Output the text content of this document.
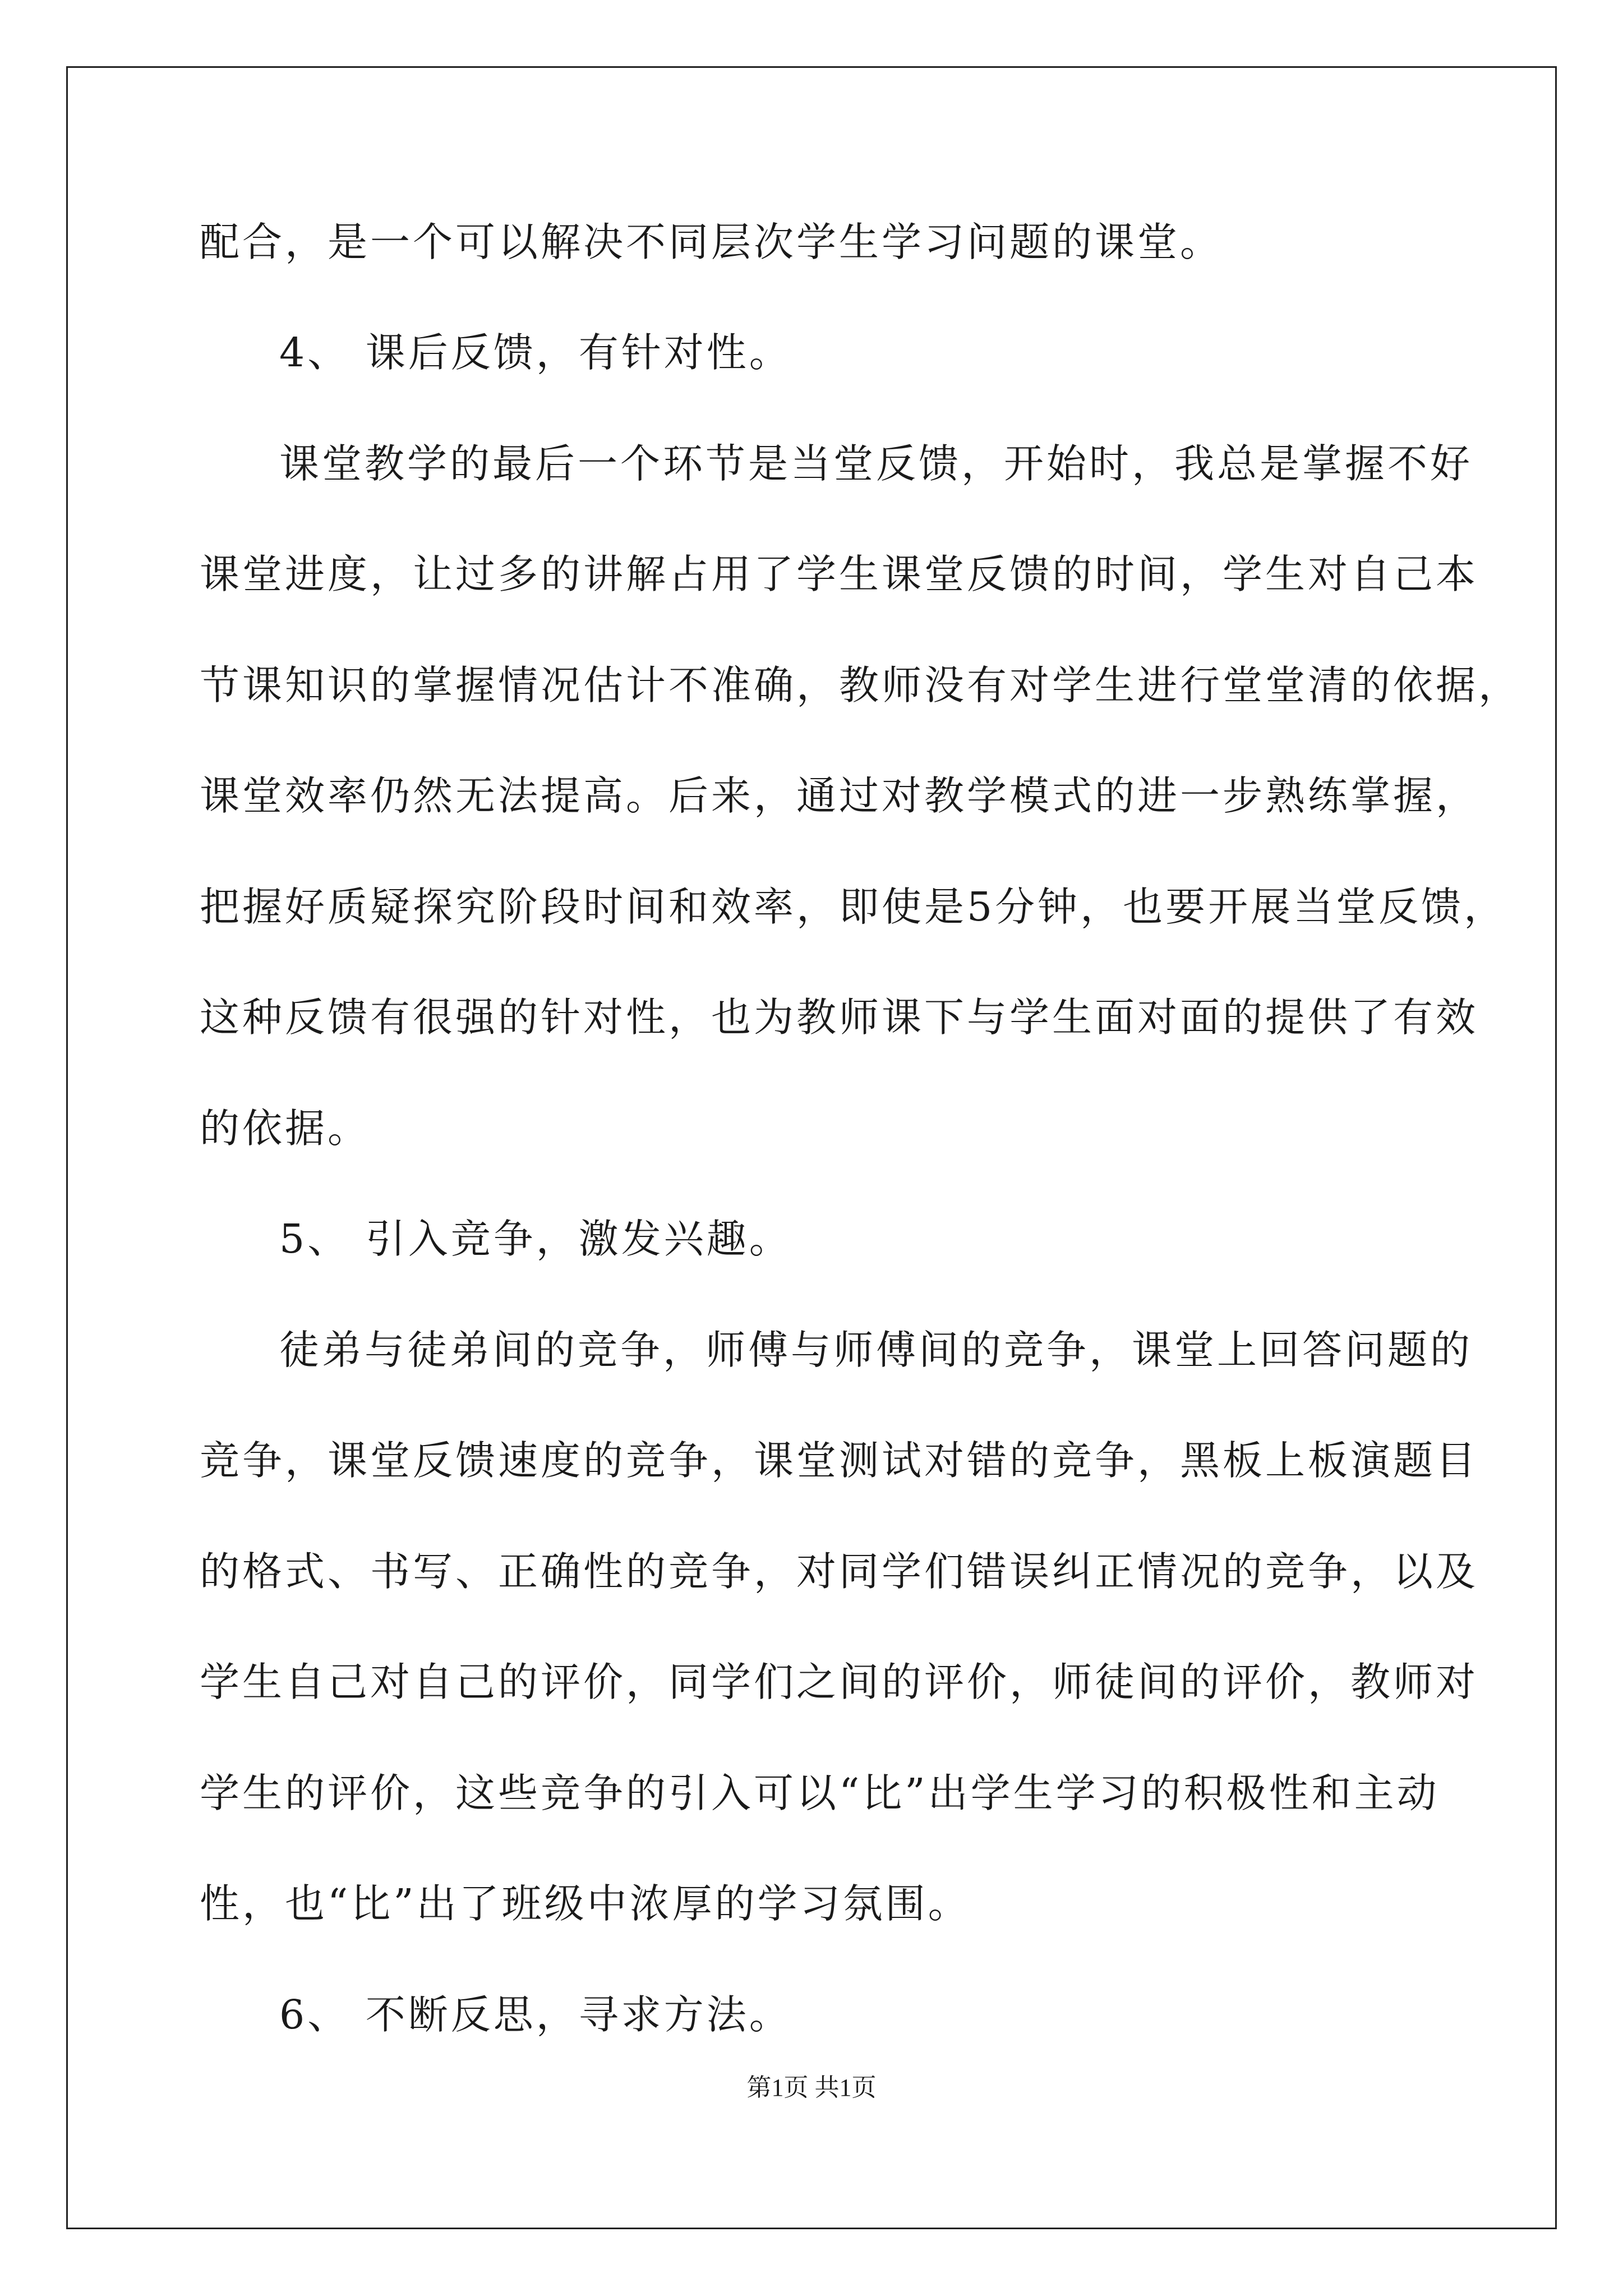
配合，是一个可以解决不同层次学生学习问题的课堂。
4、 课后反馈，有针对性。
课堂教学的最后一个环节是当堂反馈，开始时，我总是掌握不好
课堂进度，让过多的讲解占用了学生课堂反馈的时间，学生对自己本
节课知识的掌握情况估计不准确，教师没有对学生进行堂堂清的依据，
课堂效率仍然无法提高。后来，通过对教学模式的进一步熟练掌握，
把握好质疑探究阶段时间和效率，即使是5分钟，也要开展当堂反馈，
这种反馈有很强的针对性，也为教师课下与学生面对面的提供了有效
的依据。
5、 引入竞争，激发兴趣。
徒弟与徒弟间的竞争，师傅与师傅间的竞争，课堂上回答问题的
竞争，课堂反馈速度的竞争，课堂测试对错的竞争，黑板上板演题目
的格式、书写、正确性的竞争，对同学们错误纠正情况的竞争，以及
学生自己对自己的评价，同学们之间的评价，师徒间的评价，教师对
学生的评价，这些竞争的引入可以“比”出学生学习的积极性和主动
性，也“比”出了班级中浓厚的学习氛围。
6、 不断反思，寻求方法。
第1页 共1页
